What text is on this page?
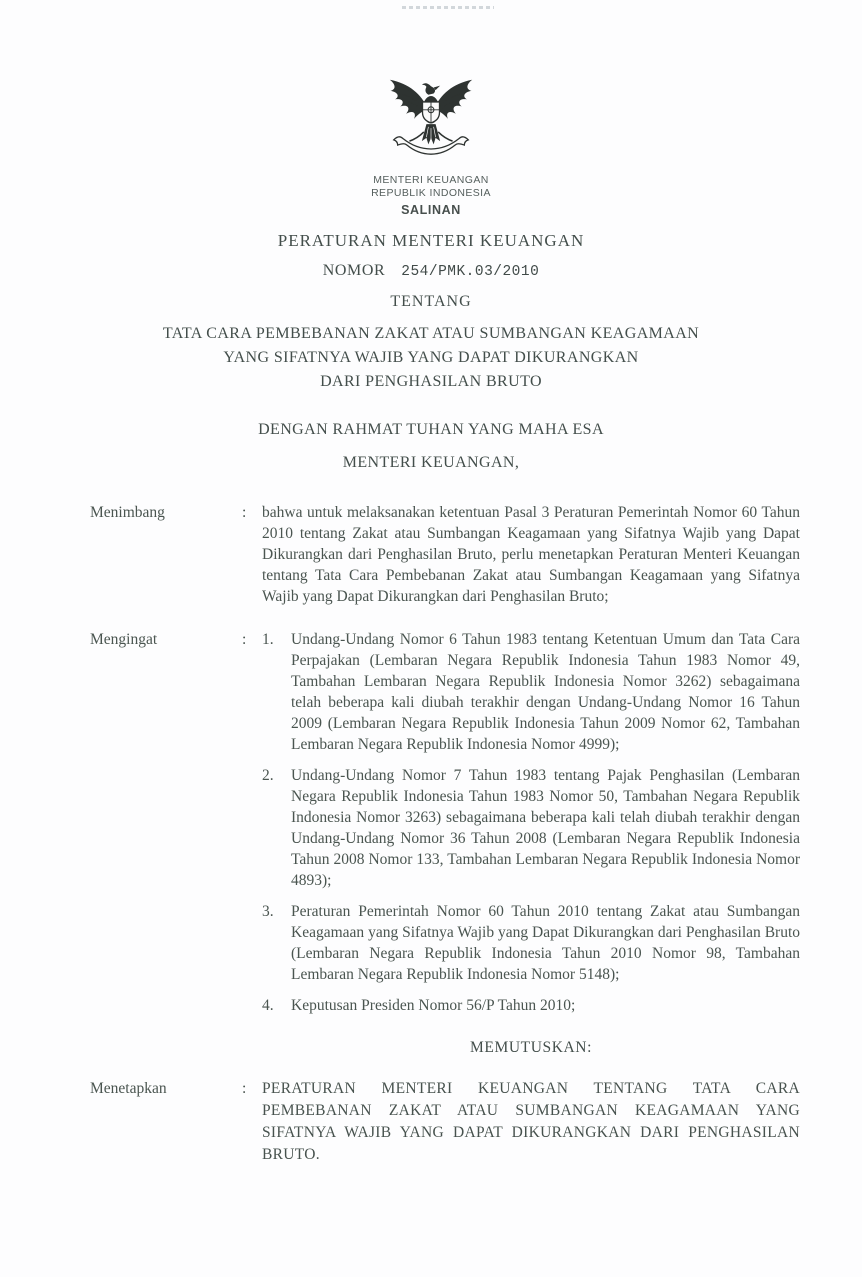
MENTERI KEUANGAN
REPUBLIK INDONESIA
SALINAN
PERATURAN MENTERI KEUANGAN
NOMOR 254/PMK.03/2010
TENTANG
TATA CARA PEMBEBANAN ZAKAT ATAU SUMBANGAN KEAGAMAAN
YANG SIFATNYA WAJIB YANG DAPAT DIKURANGKAN
DARI PENGHASILAN BRUTO
DENGAN RAHMAT TUHAN YANG MAHA ESA
MENTERI KEUANGAN,
Menimbang	:	bahwa untuk melaksanakan ketentuan Pasal 3 Peraturan Pemerintah Nomor 60 Tahun 2010 tentang Zakat atau Sumbangan Keagamaan yang Sifatnya Wajib yang Dapat Dikurangkan dari Penghasilan Bruto, perlu menetapkan Peraturan Menteri Keuangan tentang Tata Cara Pembebanan Zakat atau Sumbangan Keagamaan yang Sifatnya Wajib yang Dapat Dikurangkan dari Penghasilan Bruto;
Mengingat	:	1.	Undang-Undang Nomor 6 Tahun 1983 tentang Ketentuan Umum dan Tata Cara Perpajakan (Lembaran Negara Republik Indonesia Tahun 1983 Nomor 49, Tambahan Lembaran Negara Republik Indonesia Nomor 3262) sebagaimana telah beberapa kali diubah terakhir dengan Undang-Undang Nomor 16 Tahun 2009 (Lembaran Negara Republik Indonesia Tahun 2009 Nomor 62, Tambahan Lembaran Negara Republik Indonesia Nomor 4999);
2.	Undang-Undang Nomor 7 Tahun 1983 tentang Pajak Penghasilan (Lembaran Negara Republik Indonesia Tahun 1983 Nomor 50, Tambahan Negara Republik Indonesia Nomor 3263) sebagaimana beberapa kali telah diubah terakhir dengan Undang-Undang Nomor 36 Tahun 2008 (Lembaran Negara Republik Indonesia Tahun 2008 Nomor 133, Tambahan Lembaran Negara Republik Indonesia Nomor 4893);
3.	Peraturan Pemerintah Nomor 60 Tahun 2010 tentang Zakat atau Sumbangan Keagamaan yang Sifatnya Wajib yang Dapat Dikurangkan dari Penghasilan Bruto (Lembaran Negara Republik Indonesia Tahun 2010 Nomor 98, Tambahan Lembaran Negara Republik Indonesia Nomor 5148);
4.	Keputusan Presiden Nomor 56/P Tahun 2010;
MEMUTUSKAN:
Menetapkan	:	PERATURAN MENTERI KEUANGAN TENTANG TATA CARA PEMBEBANAN ZAKAT ATAU SUMBANGAN KEAGAMAAN YANG SIFATNYA WAJIB YANG DAPAT DIKURANGKAN DARI PENGHASILAN BRUTO.
